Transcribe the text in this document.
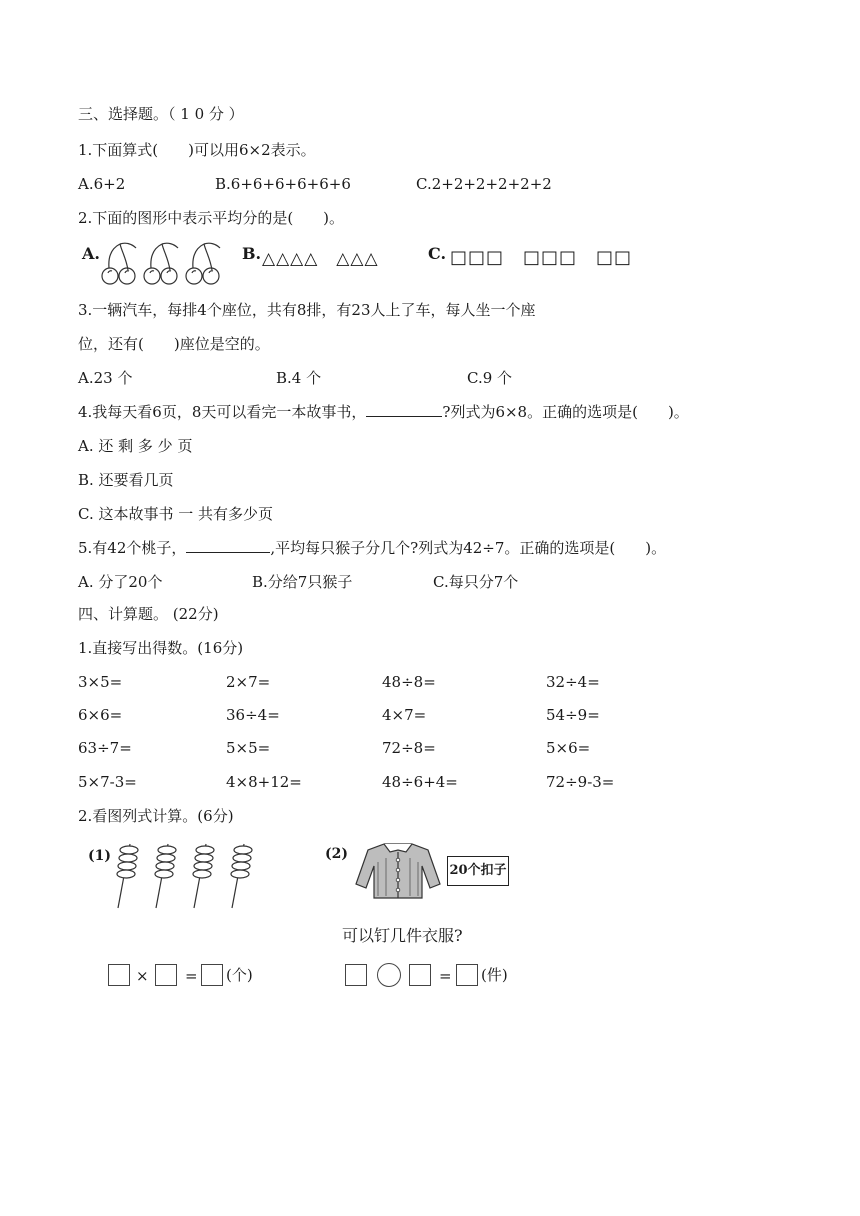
三、选择题。（ 1 0 分 ）
1.下面算式(　　)可以用6×2表示。
A.6+2	B.6+6+6+6+6+6	C.2+2+2+2+2+2
2.下面的图形中表示平均分的是(　　)。
A.	B. △△△△　△△△	C. □□□　□□□　□□
3.一辆汽车，每排4个座位，共有8排，有23人上了车，每人坐一个座
位，还有(　　)座位是空的。
A.23 个	B.4 个	C.9 个
4.我每天看6页，8天可以看完一本故事书，	?列式为6×8。正确的选项是(　　)。
A. 还 剩 多 少 页
B. 还要看几页
C. 这本故事书 一 共有多少页
5.有42个桃子，	,平均每只猴子分几个?列式为42÷7。正确的选项是(　　)。
A. 分了20个	B.分给7只猴子	C.每只分7个
四、计算题。 (22分)
1.直接写出得数。(16分)
3×5=	2×7=	48÷8=	32÷4=
6×6=	36÷4=	4×7=	54÷9=
63÷7=	5×5=	72÷8=	5×6=
5×7-3=	4×8+12=	48÷6+4=	72÷9-3=
2.看图列式计算。(6分)
(1)	(2)
20个扣子
可以钉几件衣服?
× = (个)	= (件)
